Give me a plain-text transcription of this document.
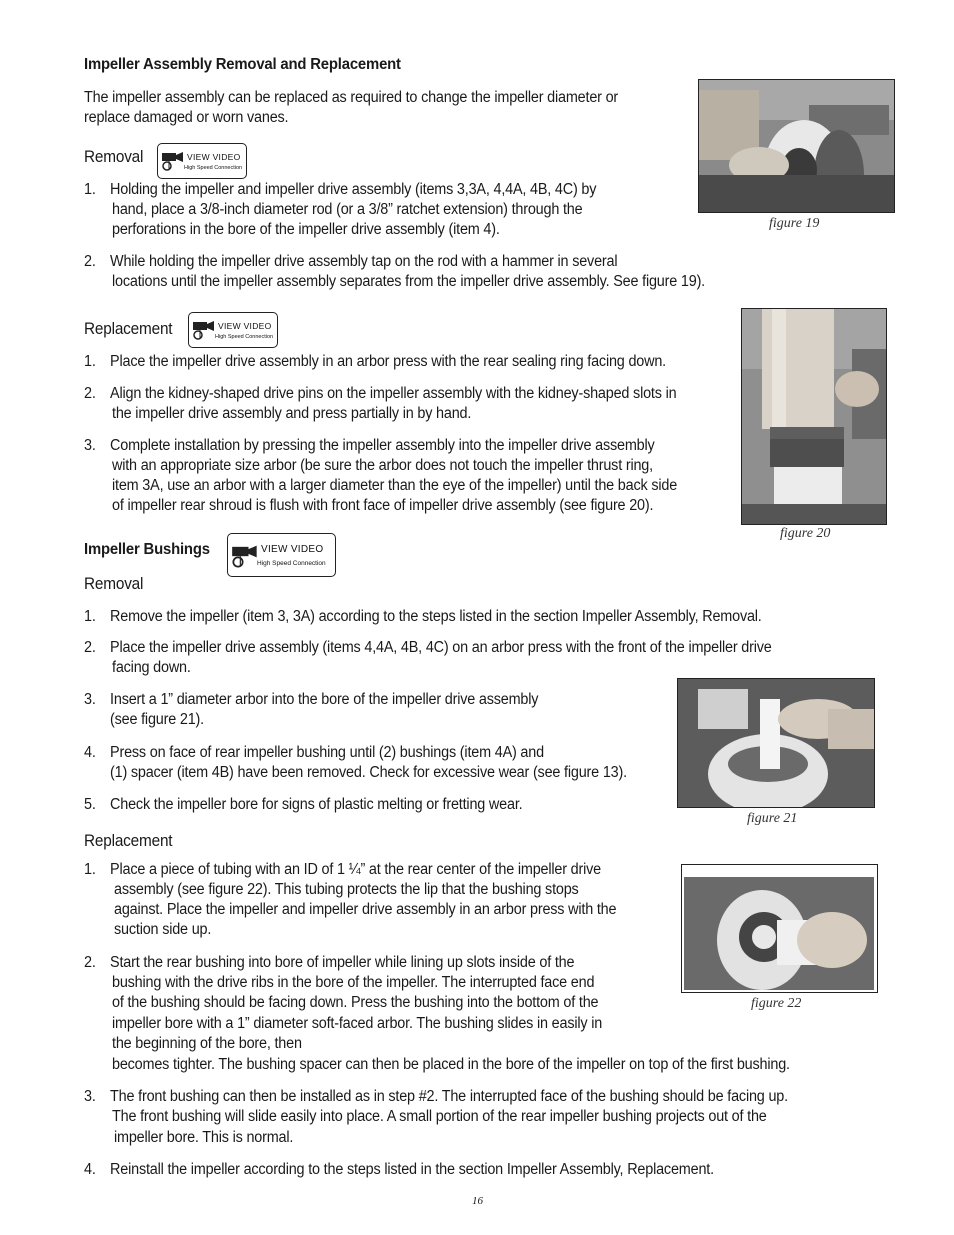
Impeller Assembly Removal and Replacement
The impeller assembly can be replaced as required to change the impeller diameter or
replace damaged or worn vanes.
Removal	VIEW VIDEO
High Speed Connection
1. Holding the impeller and impeller drive assembly (items 3,3A, 4,4A, 4B, 4C) by
hand, place a 3/8-inch diameter rod (or a 3/8” ratchet extension) through the
perforations in the bore of the impeller drive assembly (item 4).
2. While holding the impeller drive assembly tap on the rod with a hammer in several
locations until the impeller assembly separates from the impeller drive assembly. See figure 19).
Replacement	VIEW VIDEO
High Speed Connection
1. Place the impeller drive assembly in an arbor press with the rear sealing ring facing down.
2. Align the kidney-shaped drive pins on the impeller assembly with the kidney-shaped slots in
the impeller drive assembly and press partially in by hand.
3. Complete installation by pressing the impeller assembly into the impeller drive assembly
with an appropriate size arbor (be sure the arbor does not touch the impeller thrust ring,
item 3A, use an arbor with a larger diameter than the eye of the impeller) until the back side
of impeller rear shroud is flush with front face of impeller drive assembly (see figure 20).
Impeller Bushings	VIEW VIDEO
High Speed Connection
Removal
1. Remove the impeller (item 3, 3A) according to the steps listed in the section Impeller Assembly, Removal.
2. Place the impeller drive assembly (items 4,4A, 4B, 4C) on an arbor press with the front of the impeller drive
facing down.
3. Insert a 1” diameter arbor into the bore of the impeller drive assembly
(see figure 21).
4. Press on face of rear impeller bushing until (2) bushings (item 4A) and
(1) spacer (item 4B) have been removed. Check for excessive wear (see figure 13).
5. Check the impeller bore for signs of plastic melting or fretting wear.
Replacement
1. Place a piece of tubing with an ID of 1 ¼” at the rear center of the impeller drive
assembly (see figure 22). This tubing protects the lip that the bushing stops
against. Place the impeller and impeller drive assembly in an arbor press with the
suction side up.
2. Start the rear bushing into bore of impeller while lining up slots inside of the
bushing with the drive ribs in the bore of the impeller. The interrupted face end
of the bushing should be facing down. Press the bushing into the bottom of the
impeller bore with a 1” diameter soft-faced arbor. The bushing slides in easily in
the beginning of the bore, then
becomes tighter. The bushing spacer can then be placed in the bore of the impeller on top of the first bushing.
3. The front bushing can then be installed as in step #2. The interrupted face of the bushing should be facing up.
The front bushing will slide easily into place. A small portion of the rear impeller bushing projects out of the
impeller bore. This is normal.
4. Reinstall the impeller according to the steps listed in the section Impeller Assembly, Replacement.
figure 19
figure 20
figure 21
figure 22
16
